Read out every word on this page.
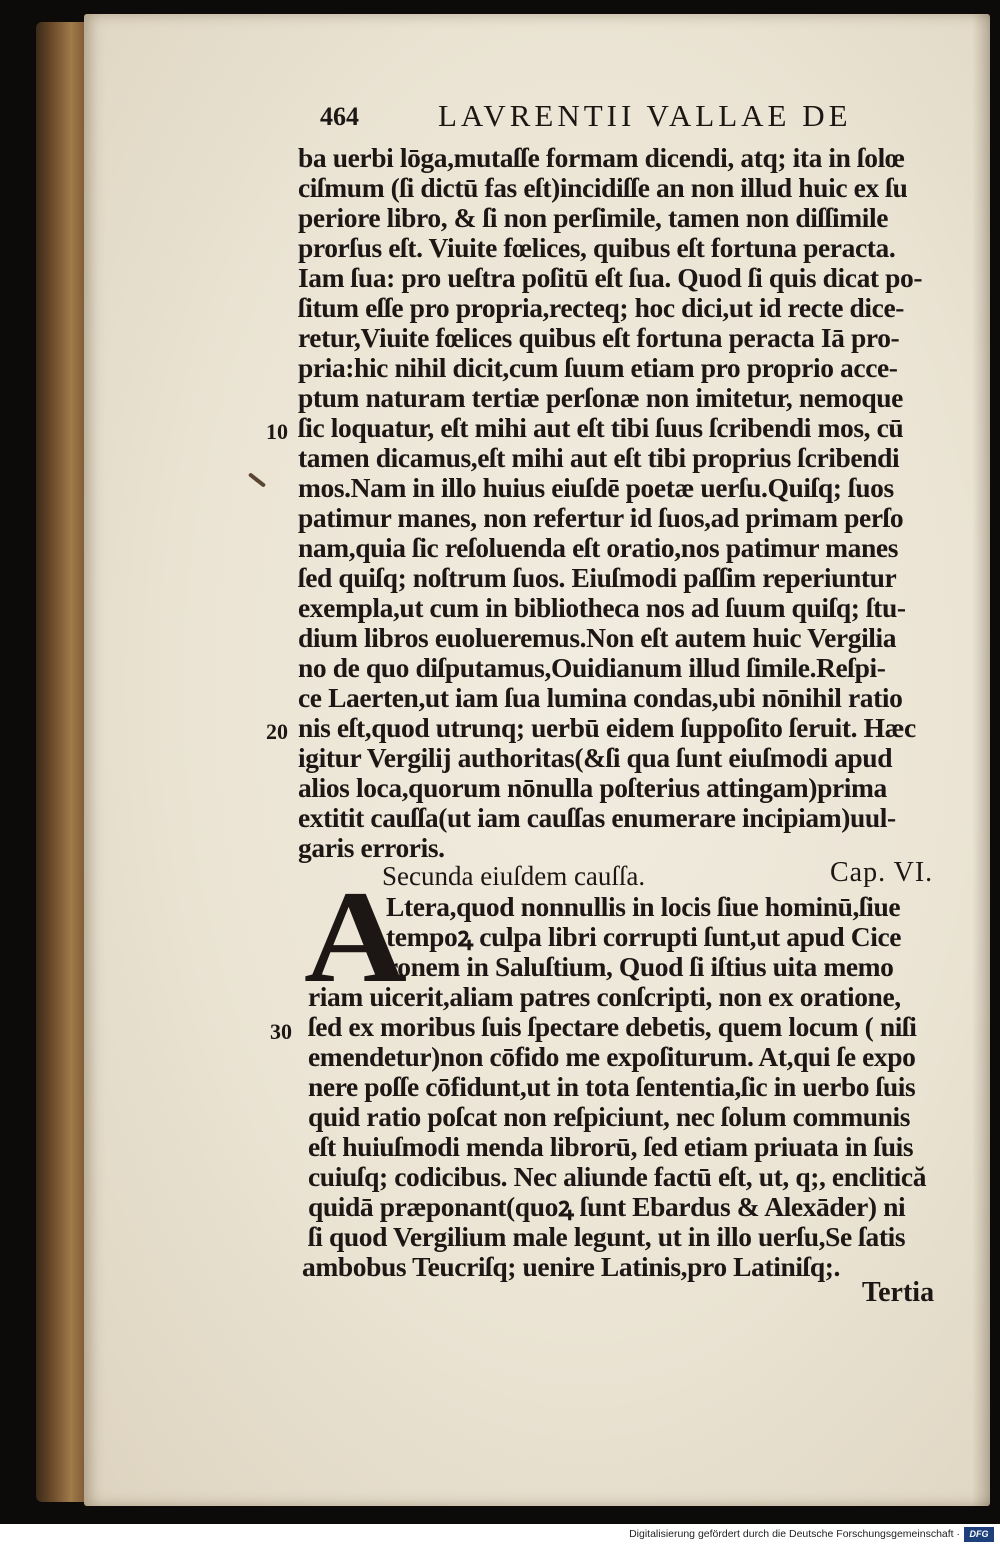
464	LAVRENTII VALLAE DE
ba uerbi lōga,mutaſſe formam dicendi, atq; ita in ſolœ
ciſmum (ſi dictū fas eſt)incidiſſe an non illud huic ex ſu
periore libro, & ſi non perſimile, tamen non diſſimile
prorſus eſt. Viuite fœlices, quibus eſt fortuna peracta.
Iam ſua: pro ueſtra poſitū eſt ſua. Quod ſi quis dicat po-
ſitum eſſe pro propria,recteq; hoc dici,ut id recte dice-
retur,Viuite fœlices quibus eſt fortuna peracta Iā pro-
pria:hic nihil dicit,cum ſuum etiam pro proprio acce-
ptum naturam tertiæ perſonæ non imitetur, nemoque
ſic loquatur, eſt mihi aut eſt tibi ſuus ſcribendi mos, cū
tamen dicamus,eſt mihi aut eſt tibi proprius ſcribendi
mos.Nam in illo huius eiuſdē poetæ uerſu.Quiſq; ſuos
patimur manes, non refertur id ſuos,ad primam perſo
nam,quia ſic reſoluenda eſt oratio,nos patimur manes
ſed quiſq; noſtrum ſuos. Eiuſmodi paſſim reperiuntur
exempla,ut cum in bibliotheca nos ad ſuum quiſq; ſtu-
dium libros euolueremus.Non eſt autem huic Vergilia
no de quo diſputamus,Ouidianum illud ſimile.Reſpi-
ce Laerten,ut iam ſua lumina condas,ubi nōnihil ratio
nis eſt,quod utrunq; uerbū eidem ſuppoſito ſeruit. Hæc
igitur Vergilij authoritas(&ſi qua ſunt eiuſmodi apud
alios loca,quorum nōnulla poſterius attingam)prima
extitit cauſſa(ut iam cauſſas enumerare incipiam)uul-
garis erroris.
10
20
30
Secunda eiuſdem cauſſa.	Cap. VI.
A
Ltera,quod nonnullis in locis ſiue hominū,ſiue
tempoꝝ culpa libri corrupti ſunt,ut apud Cice
ronem in Saluſtium, Quod ſi iſtius uita memo
riam uicerit,aliam patres conſcripti, non ex oratione,
ſed ex moribus ſuis ſpectare debetis, quem locum ( niſi
emendetur)non cōfido me expoſiturum. At,qui ſe expo
nere poſſe cōfidunt,ut in tota ſententia,ſic in uerbo ſuis
quid ratio poſcat non reſpiciunt, nec ſolum communis
eſt huiuſmodi menda librorū, ſed etiam priuata in ſuis
cuiuſq; codicibus. Nec aliunde factū eſt, ut, q;, enclitică
quidā præponant(quoꝝ ſunt Ebardus & Alexāder) ni
ſi quod Vergilium male legunt, ut in illo uerſu,Se ſatis
ambobus Teucriſq; uenire Latinis,pro Latiniſq;.
Tertia
Digitalisierung gefördert durch die Deutsche Forschungsgemeinschaft ·	DFG
